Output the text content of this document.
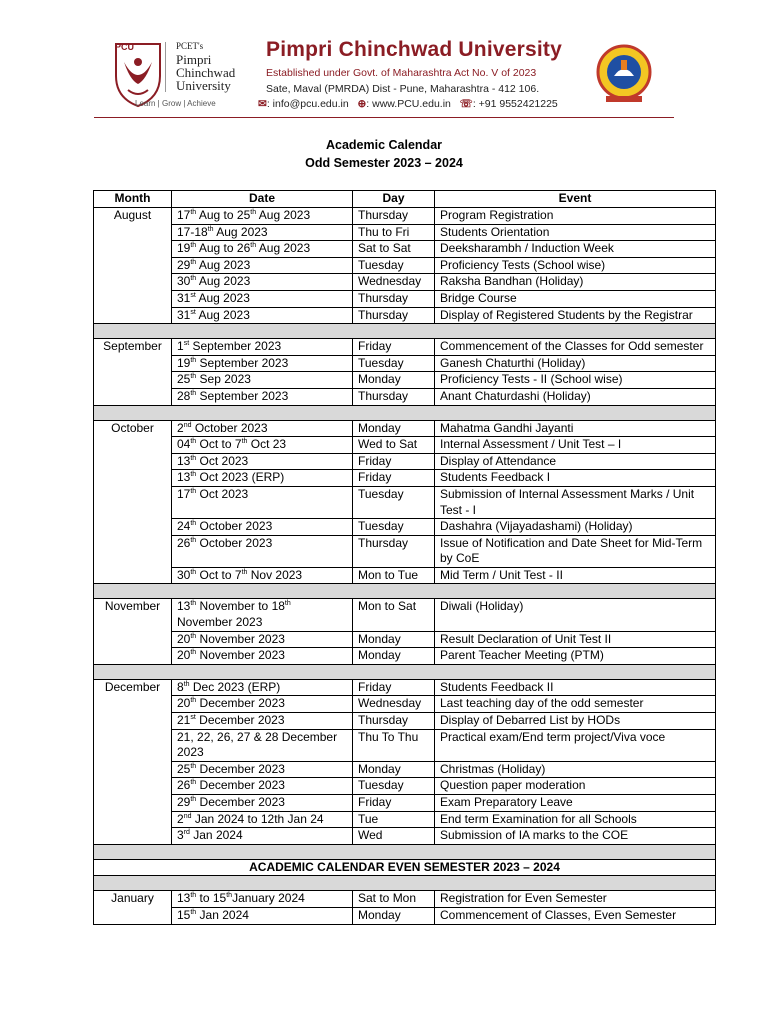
PCU	PCET's
Pimpri
Chinchwad
University
Learn | Grow | Achieve
Pimpri Chinchwad University
Established under Govt. of Maharashtra Act No. V of 2023
Sate, Maval (PMRDA) Dist - Pune, Maharashtra - 412 106.
✉: info@pcu.edu.in ⊕: www.PCU.edu.in ☏: +91 9552421225
Academic Calendar
Odd Semester 2023 – 2024
Month	Date	Day	Event
August	17th Aug to 25th Aug 2023	Thursday	Program Registration
	17-18th Aug 2023	Thu to Fri	Students Orientation
	19th Aug to 26th Aug 2023	Sat to Sat	Deeksharambh / Induction Week
	29th Aug 2023	Tuesday	Proficiency Tests (School wise)
	30th Aug 2023	Wednesday	Raksha Bandhan (Holiday)
	31st Aug 2023	Thursday	Bridge Course
	31st Aug 2023	Thursday	Display of Registered Students by the Registrar

September	1st September 2023	Friday	Commencement of the Classes for Odd semester
	19th September 2023	Tuesday	Ganesh Chaturthi (Holiday)
	25th Sep 2023	Monday	Proficiency Tests - II (School wise)
	28th September 2023	Thursday	Anant Chaturdashi (Holiday)

October	2nd October 2023	Monday	Mahatma Gandhi Jayanti
	04th Oct to 7th Oct 23	Wed to Sat	Internal Assessment / Unit Test – I
	13th Oct 2023	Friday	Display of Attendance
	13th Oct 2023 (ERP)	Friday	Students Feedback I
	17th Oct 2023	Tuesday	Submission of Internal Assessment Marks / Unit Test - I
	24th October 2023	Tuesday	Dashahra (Vijayadashami) (Holiday)
	26th October 2023	Thursday	Issue of Notification and Date Sheet for Mid-Term by CoE
	30th Oct to 7th Nov 2023	Mon to Tue	Mid Term / Unit Test - II

November	13th November to 18th November 2023	Mon to Sat	Diwali (Holiday)
	20th November 2023	Monday	Result Declaration of Unit Test II
	20th November 2023	Monday	Parent Teacher Meeting (PTM)

December	8th Dec 2023 (ERP)	Friday	Students Feedback II
	20th December 2023	Wednesday	Last teaching day of the odd semester
	21st December 2023	Thursday	Display of Debarred List by HODs
	21, 22, 26, 27 & 28 December 2023	Thu To Thu	Practical exam/End term project/Viva voce
	25th December 2023	Monday	Christmas (Holiday)
	26th December 2023	Tuesday	Question paper moderation
	29th December 2023	Friday	Exam Preparatory Leave
	2nd Jan 2024 to 12th Jan 24	Tue	End term Examination for all Schools
	3rd Jan 2024	Wed	Submission of IA marks to the COE

ACADEMIC CALENDAR EVEN SEMESTER 2023 – 2024			

January	13th to 15thJanuary 2024	Sat to Mon	Registration for Even Semester
	15th Jan 2024	Monday	Commencement of Classes, Even Semester
